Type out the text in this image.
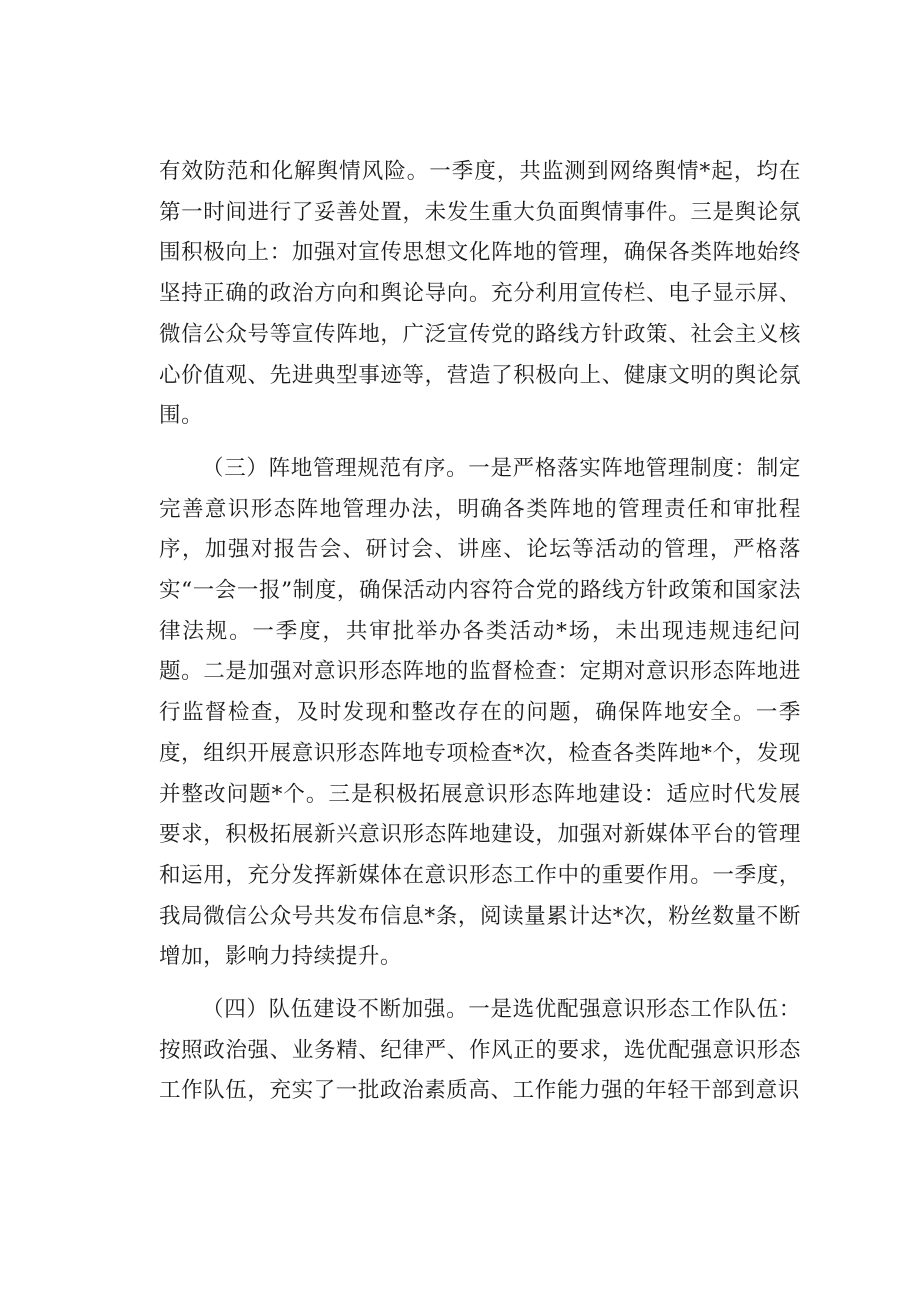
有效防范和化解舆情风险。一季度，共监测到网络舆情*起，均在第一时间进行了妥善处置，未发生重大负面舆情事件。三是舆论氛围积极向上：加强对宣传思想文化阵地的管理，确保各类阵地始终坚持正确的政治方向和舆论导向。充分利用宣传栏、电子显示屏、微信公众号等宣传阵地，广泛宣传党的路线方针政策、社会主义核心价值观、先进典型事迹等，营造了积极向上、健康文明的舆论氛围。

（三）阵地管理规范有序。一是严格落实阵地管理制度：制定完善意识形态阵地管理办法，明确各类阵地的管理责任和审批程序，加强对报告会、研讨会、讲座、论坛等活动的管理，严格落实“一会一报”制度，确保活动内容符合党的路线方针政策和国家法律法规。一季度，共审批举办各类活动*场，未出现违规违纪问题。二是加强对意识形态阵地的监督检查：定期对意识形态阵地进行监督检查，及时发现和整改存在的问题，确保阵地安全。一季度，组织开展意识形态阵地专项检查*次，检查各类阵地*个，发现并整改问题*个。三是积极拓展意识形态阵地建设：适应时代发展要求，积极拓展新兴意识形态阵地建设，加强对新媒体平台的管理和运用，充分发挥新媒体在意识形态工作中的重要作用。一季度，我局微信公众号共发布信息*条，阅读量累计达*次，粉丝数量不断增加，影响力持续提升。

（四）队伍建设不断加强。一是选优配强意识形态工作队伍：按照政治强、业务精、纪律严、作风正的要求，选优配强意识形态工作队伍，充实了一批政治素质高、工作能力强的年轻干部到意识
